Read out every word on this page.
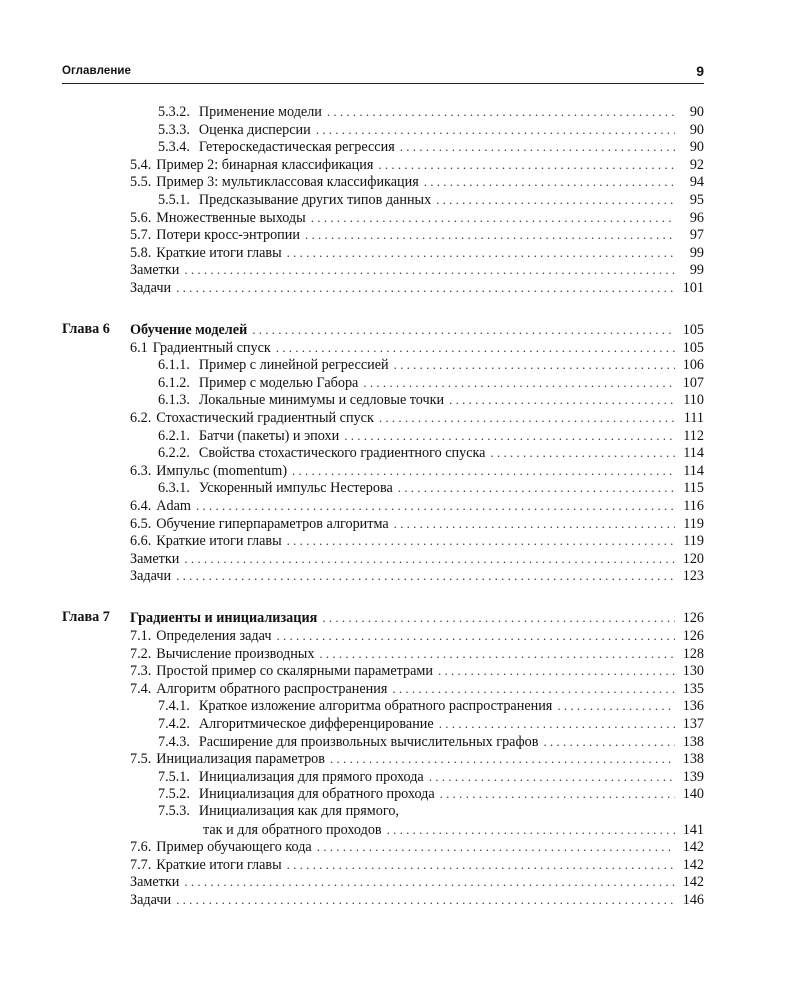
Оглавление	9
5.3.2. Применение модели . . .	90
5.3.3. Оценка дисперсии . . .	90
5.3.4. Гетероскедастическая регрессия . . .	90
5.4. Пример 2: бинарная классификация . . .	92
5.5. Пример 3: мультиклассовая классификация . . .	94
5.5.1. Предсказывание других типов данных . . .	95
5.6. Множественные выходы . . .	96
5.7. Потери кросс-энтропии . . .	97
5.8. Краткие итоги главы . . .	99
Заметки . . .	99
Задачи . . .	101
Глава 6 Обучение моделей . . .	105
6.1 Градиентный спуск . . .	105
6.1.1. Пример с линейной регрессией . . .	106
6.1.2. Пример с моделью Габора . . .	107
6.1.3. Локальные минимумы и седловые точки . . .	110
6.2. Стохастический градиентный спуск . . .	111
6.2.1. Батчи (пакеты) и эпохи . . .	112
6.2.2. Свойства стохастического градиентного спуска . . .	114
6.3. Импульс (momentum) . . .	114
6.3.1. Ускоренный импульс Нестерова . . .	115
6.4. Adam . . .	116
6.5. Обучение гиперпараметров алгоритма . . .	119
6.6. Краткие итоги главы . . .	119
Заметки . . .	120
Задачи . . .	123
Глава 7 Градиенты и инициализация . . .	126
7.1. Определения задач . . .	126
7.2. Вычисление производных . . .	128
7.3. Простой пример со скалярными параметрами . . .	130
7.4. Алгоритм обратного распространения . . .	135
7.4.1. Краткое изложение алгоритма обратного распространения . . .	136
7.4.2. Алгоритмическое дифференцирование . . .	137
7.4.3. Расширение для произвольных вычислительных графов . . .	138
7.5. Инициализация параметров . . .	138
7.5.1. Инициализация для прямого прохода . . .	139
7.5.2. Инициализация для обратного прохода . . .	140
7.5.3. Инициализация как для прямого,
так и для обратного проходов . . .	141
7.6. Пример обучающего кода . . .	142
7.7. Краткие итоги главы . . .	142
Заметки . . .	142
Задачи . . .	146
